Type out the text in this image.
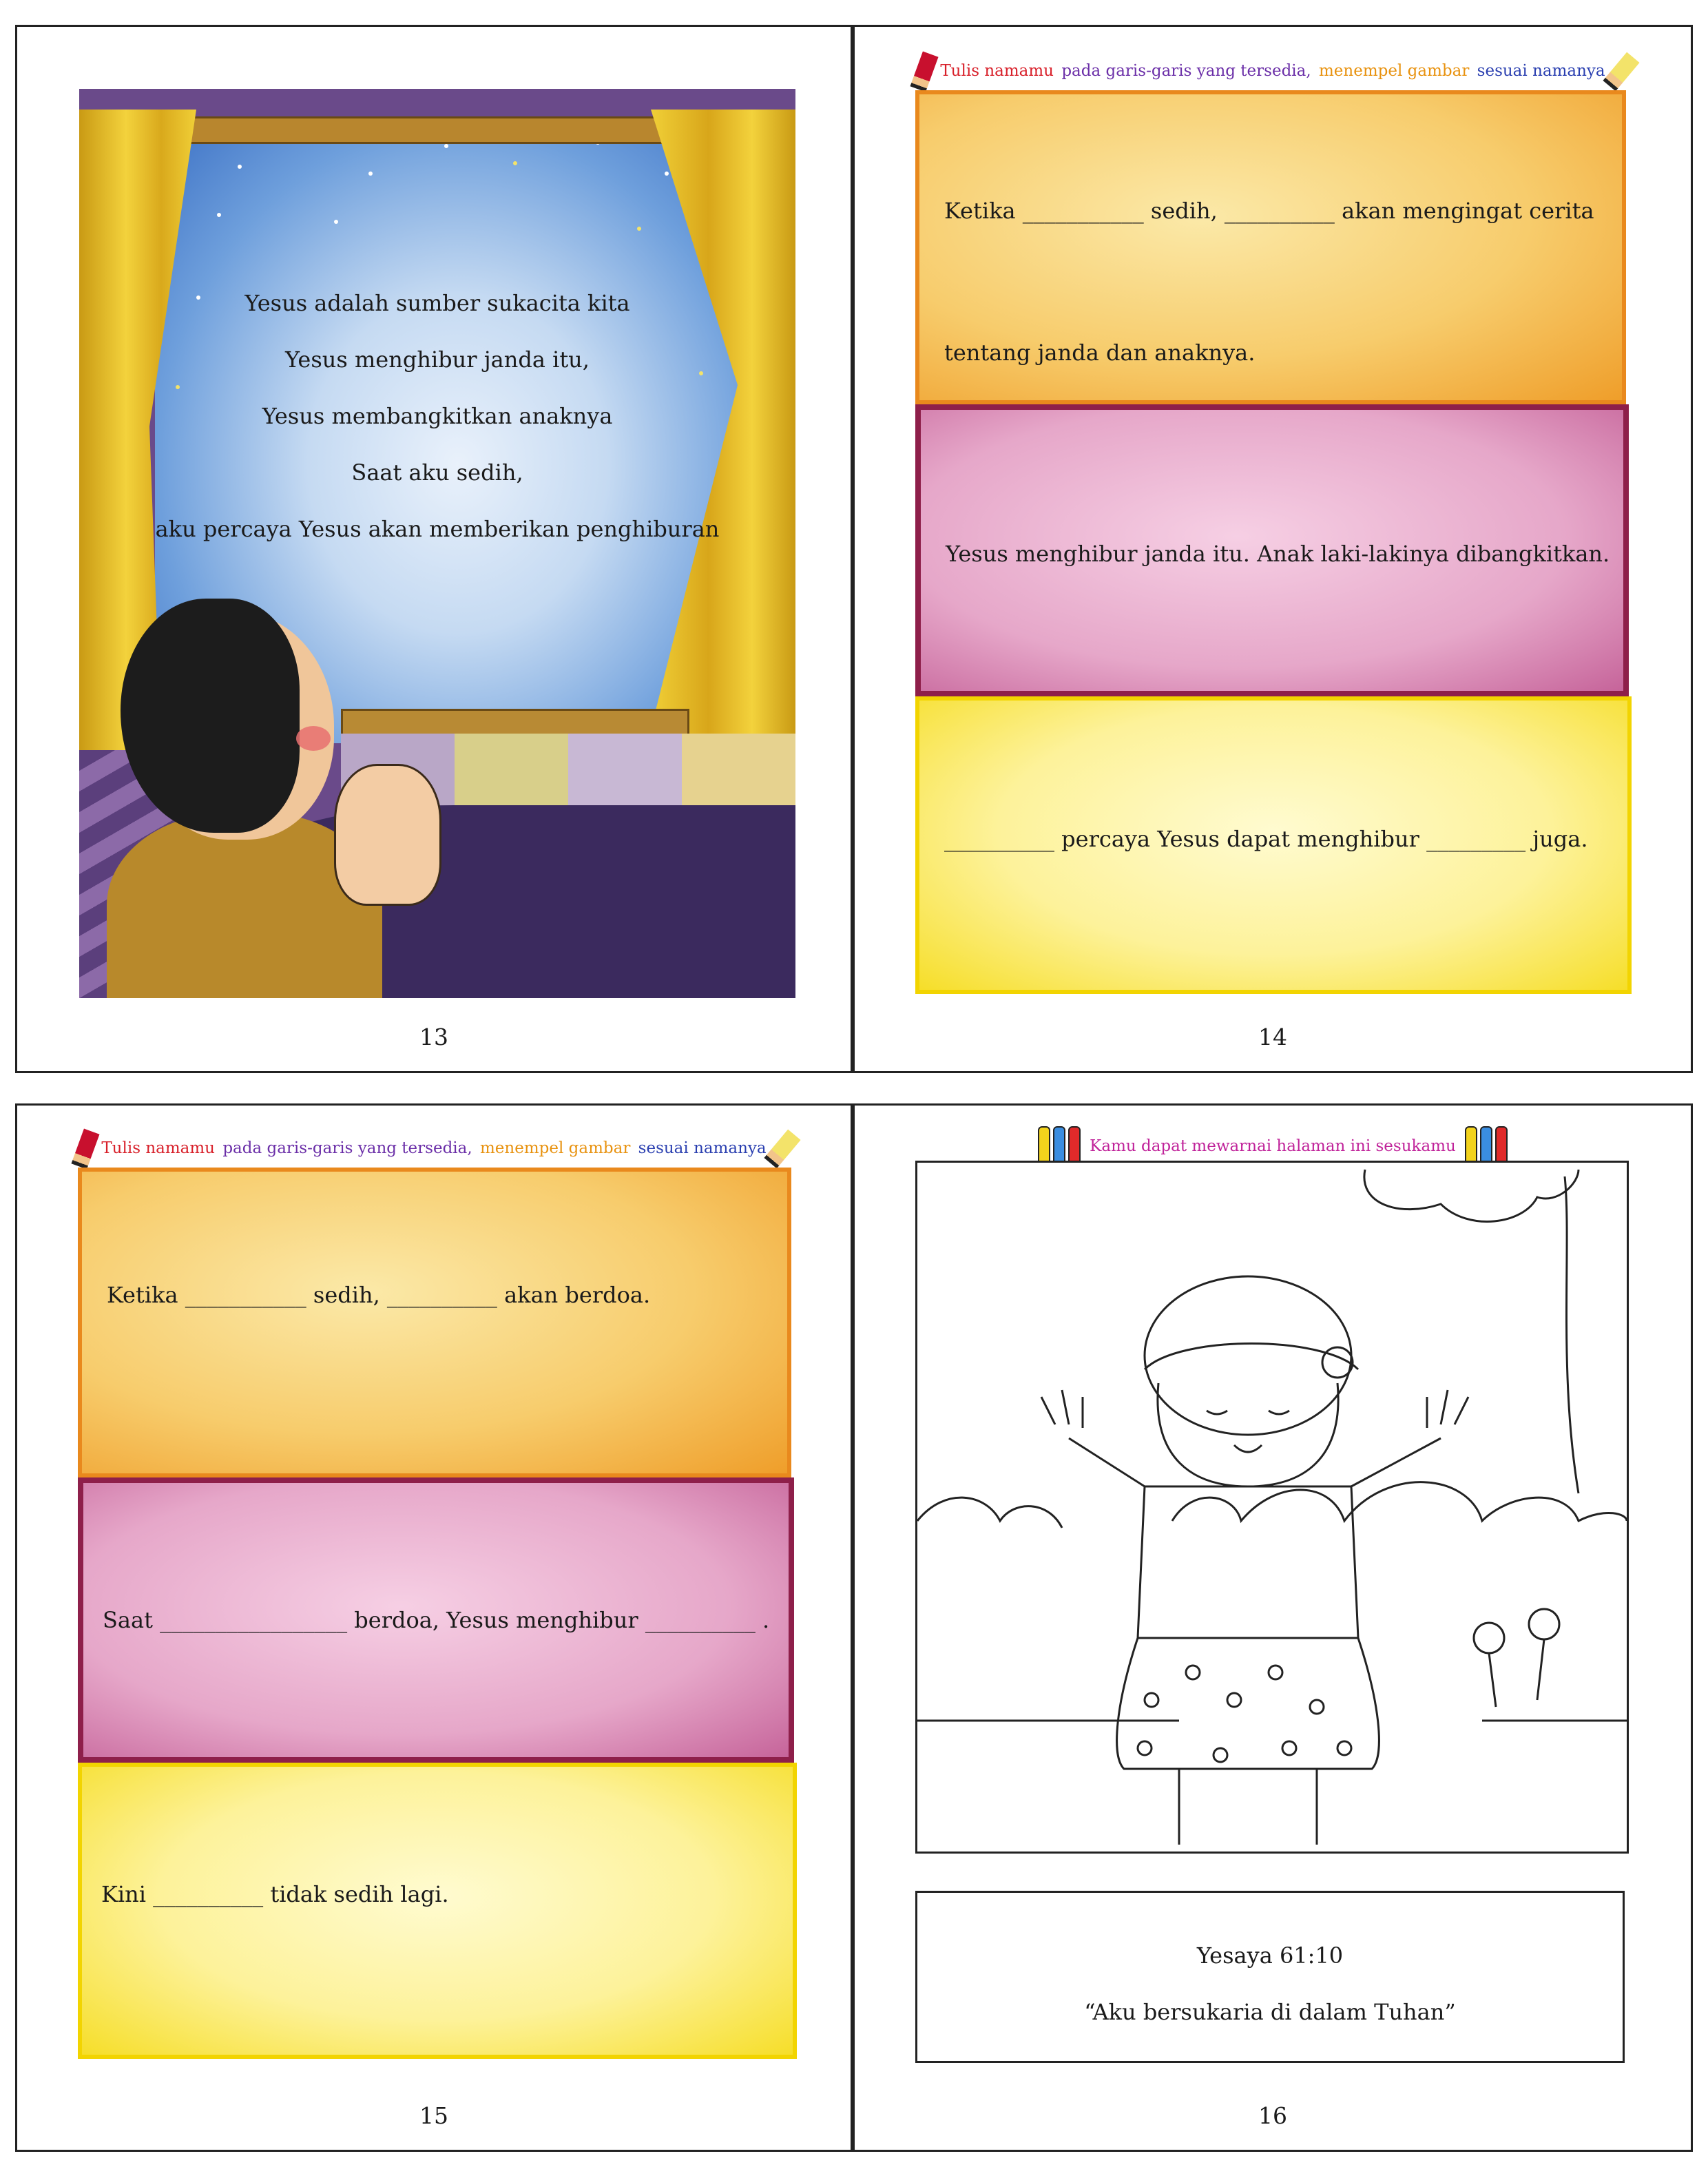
Yesus adalah sumber sukacita kita
Yesus menghibur janda itu,
Yesus membangkitkan anaknya
Saat aku sedih,
aku percaya Yesus akan memberikan penghiburan
13
Tulis namamu pada garis-garis yang tersedia, menempel gambar sesuai namanya
Ketika ___________ sedih, __________ akan mengingat cerita
tentang janda dan anaknya.
Yesus menghibur janda itu. Anak laki-lakinya dibangkitkan.
__________ percaya Yesus dapat menghibur _________ juga.
14
Tulis namamu pada garis-garis yang tersedia, menempel gambar sesuai namanya
Ketika ___________ sedih, __________ akan berdoa.
Saat _________________ berdoa, Yesus menghibur __________ .
Kini __________ tidak sedih lagi.
15
Kamu dapat mewarnai halaman ini sesukamu
Yesaya 61:10
“Aku bersukaria di dalam Tuhan”
16
